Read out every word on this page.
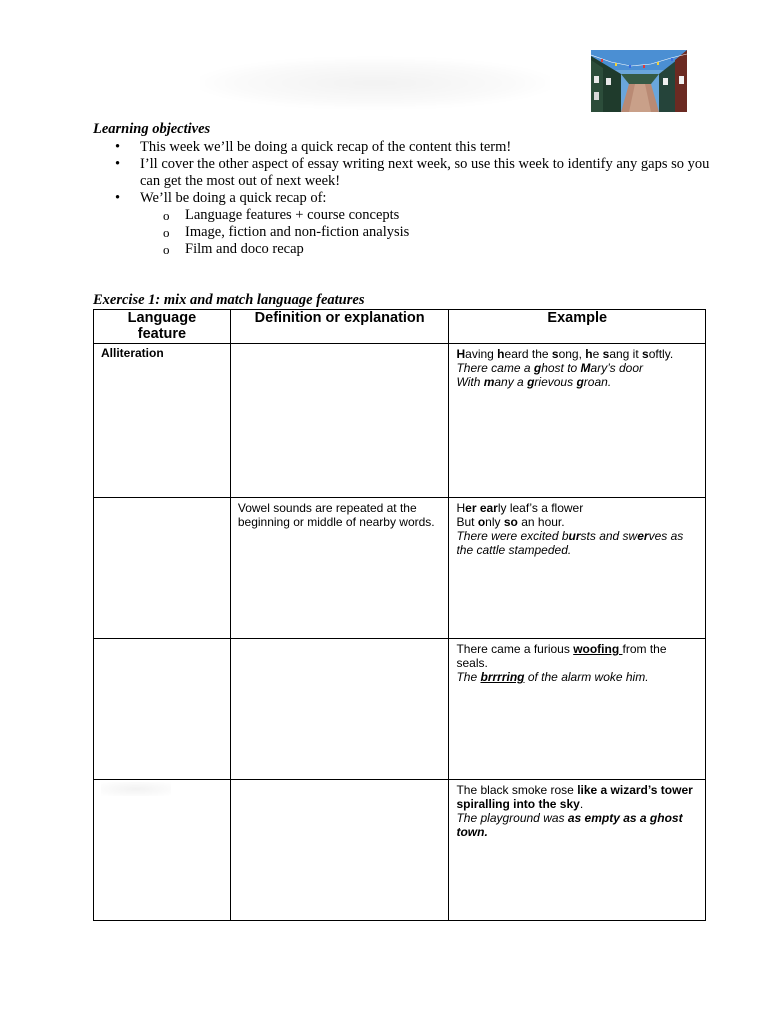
Learning objectives
• This week we’ll be doing a quick recap of the content this term!
• I’ll cover the other aspect of essay writing next week, so use this week to identify any gaps so you can get the most out of next week!
• We’ll be doing a quick recap of:
o Language features + course concepts
o Image, fiction and non-fiction analysis
o Film and doco recap
Exercise 1: mix and match language features
Language feature	Definition or explanation	Example

Alliteration		Having heard the song, he sang it softly.
There came a ghost to Mary’s door
With many a grievous groan.

	Vowel sounds are repeated at the beginning or middle of nearby words.	Her early leaf’s a flower
But only so an hour.
There were excited bursts and swerves as the cattle stampeded.

		There came a furious woofing from the seals.
The brrrring of the alarm woke him.

		The black smoke rose like a wizard’s tower spiralling into the sky.
The playground was as empty as a ghost town.
